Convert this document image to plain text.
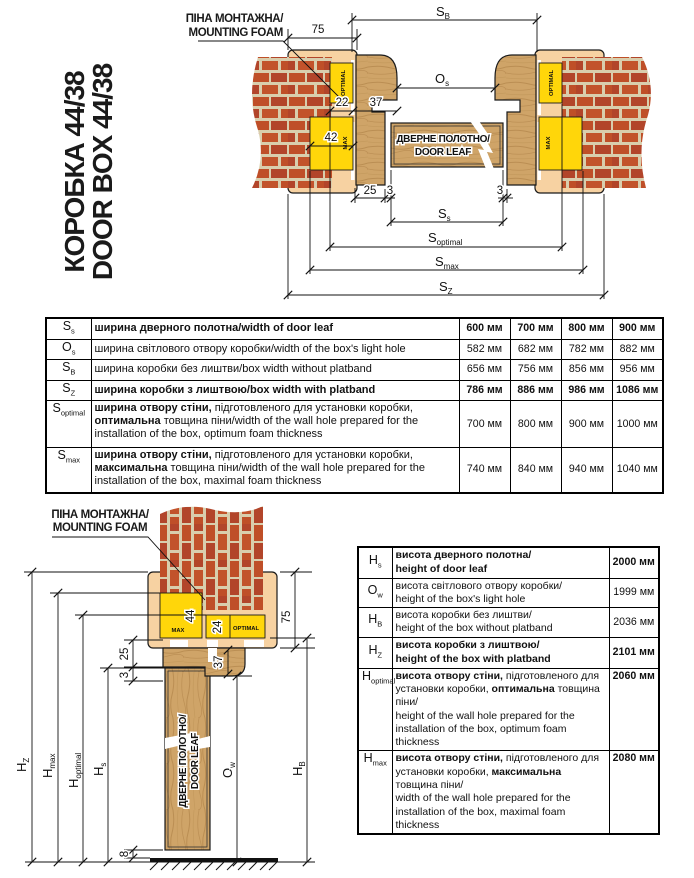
КОРОБКА 44/38
DOOR BOX 44/38	ДВЕРНЕ ПОЛОТНО/
DOOR LEAF
OPTIMAL
MAX
OPTIMAL
MAX
ПІНА МОНТАЖНА/
MOUNTING FOAM 75
22 37
42
25 3	3
$S_B$
$O_s$
$S_s$
$S_{optimal}$
$S_{max}$
$S_Z$
$S_s$	ширина дверного полотна/width of door leaf	600 мм	700 мм	800 мм	900 мм
$O_s$	ширина світлового отвору коробки/width of the box's light hole	582 мм	682 мм	782 мм	882 мм
$S_B$	ширина коробки без лиштви/box width without platband	656 мм	756 мм	856 мм	956 мм
$S_Z$	ширина коробки з лиштвою/box width with platband	786 мм	886 мм	986 мм	1086 мм
$S_{optimal}$	ширина отвору стіни, підготовленого для установки коробки, оптимальна товщина піни/width of the wall hole prepared for the installation of the box, optimum foam thickness	700 мм	800 мм	900 мм	1000 мм
$S_{max}$	ширина отвору стіни, підготовленого для установки коробки, максимальна товщина піни/width of the wall hole prepared for the installation of the box, maximal foam thickness	740 мм	840 мм	940 мм	1040 мм
ДВЕРНЕ ПОЛОТНО/ DOOR LEAF
MAX	OPTIMAL
ПІНА МОНТАЖНА/
MOUNTING FOAM
75
44
24
25
3
37
8
$H_Z$
$H_{max}$
$H_{optimal}$ $H_s$
$O_w$
$H_B$
$H_s$	висота дверного полотна/
height of door leaf	2000 мм
$O_w$	висота світлового отвору коробки/
height of the box's light hole	1999 мм
$H_B$	висота коробки без лиштви/
height of the box without platband	2036 мм
$H_Z$	висота коробки з лиштвою/
height of the box with platband	2101 мм
$H_{optimal}$	висота отвору стіни, підготовленого для установки коробки, оптимальна товщина піни/
height of the wall hole prepared for the installation of the box, optimum foam thickness	2060 мм
$H_{max}$	висота отвору стіни, підготовленого для установки коробки, максимальна товщина піни/
width of the wall hole prepared for the installation of the box, maximal foam thickness	2080 мм
